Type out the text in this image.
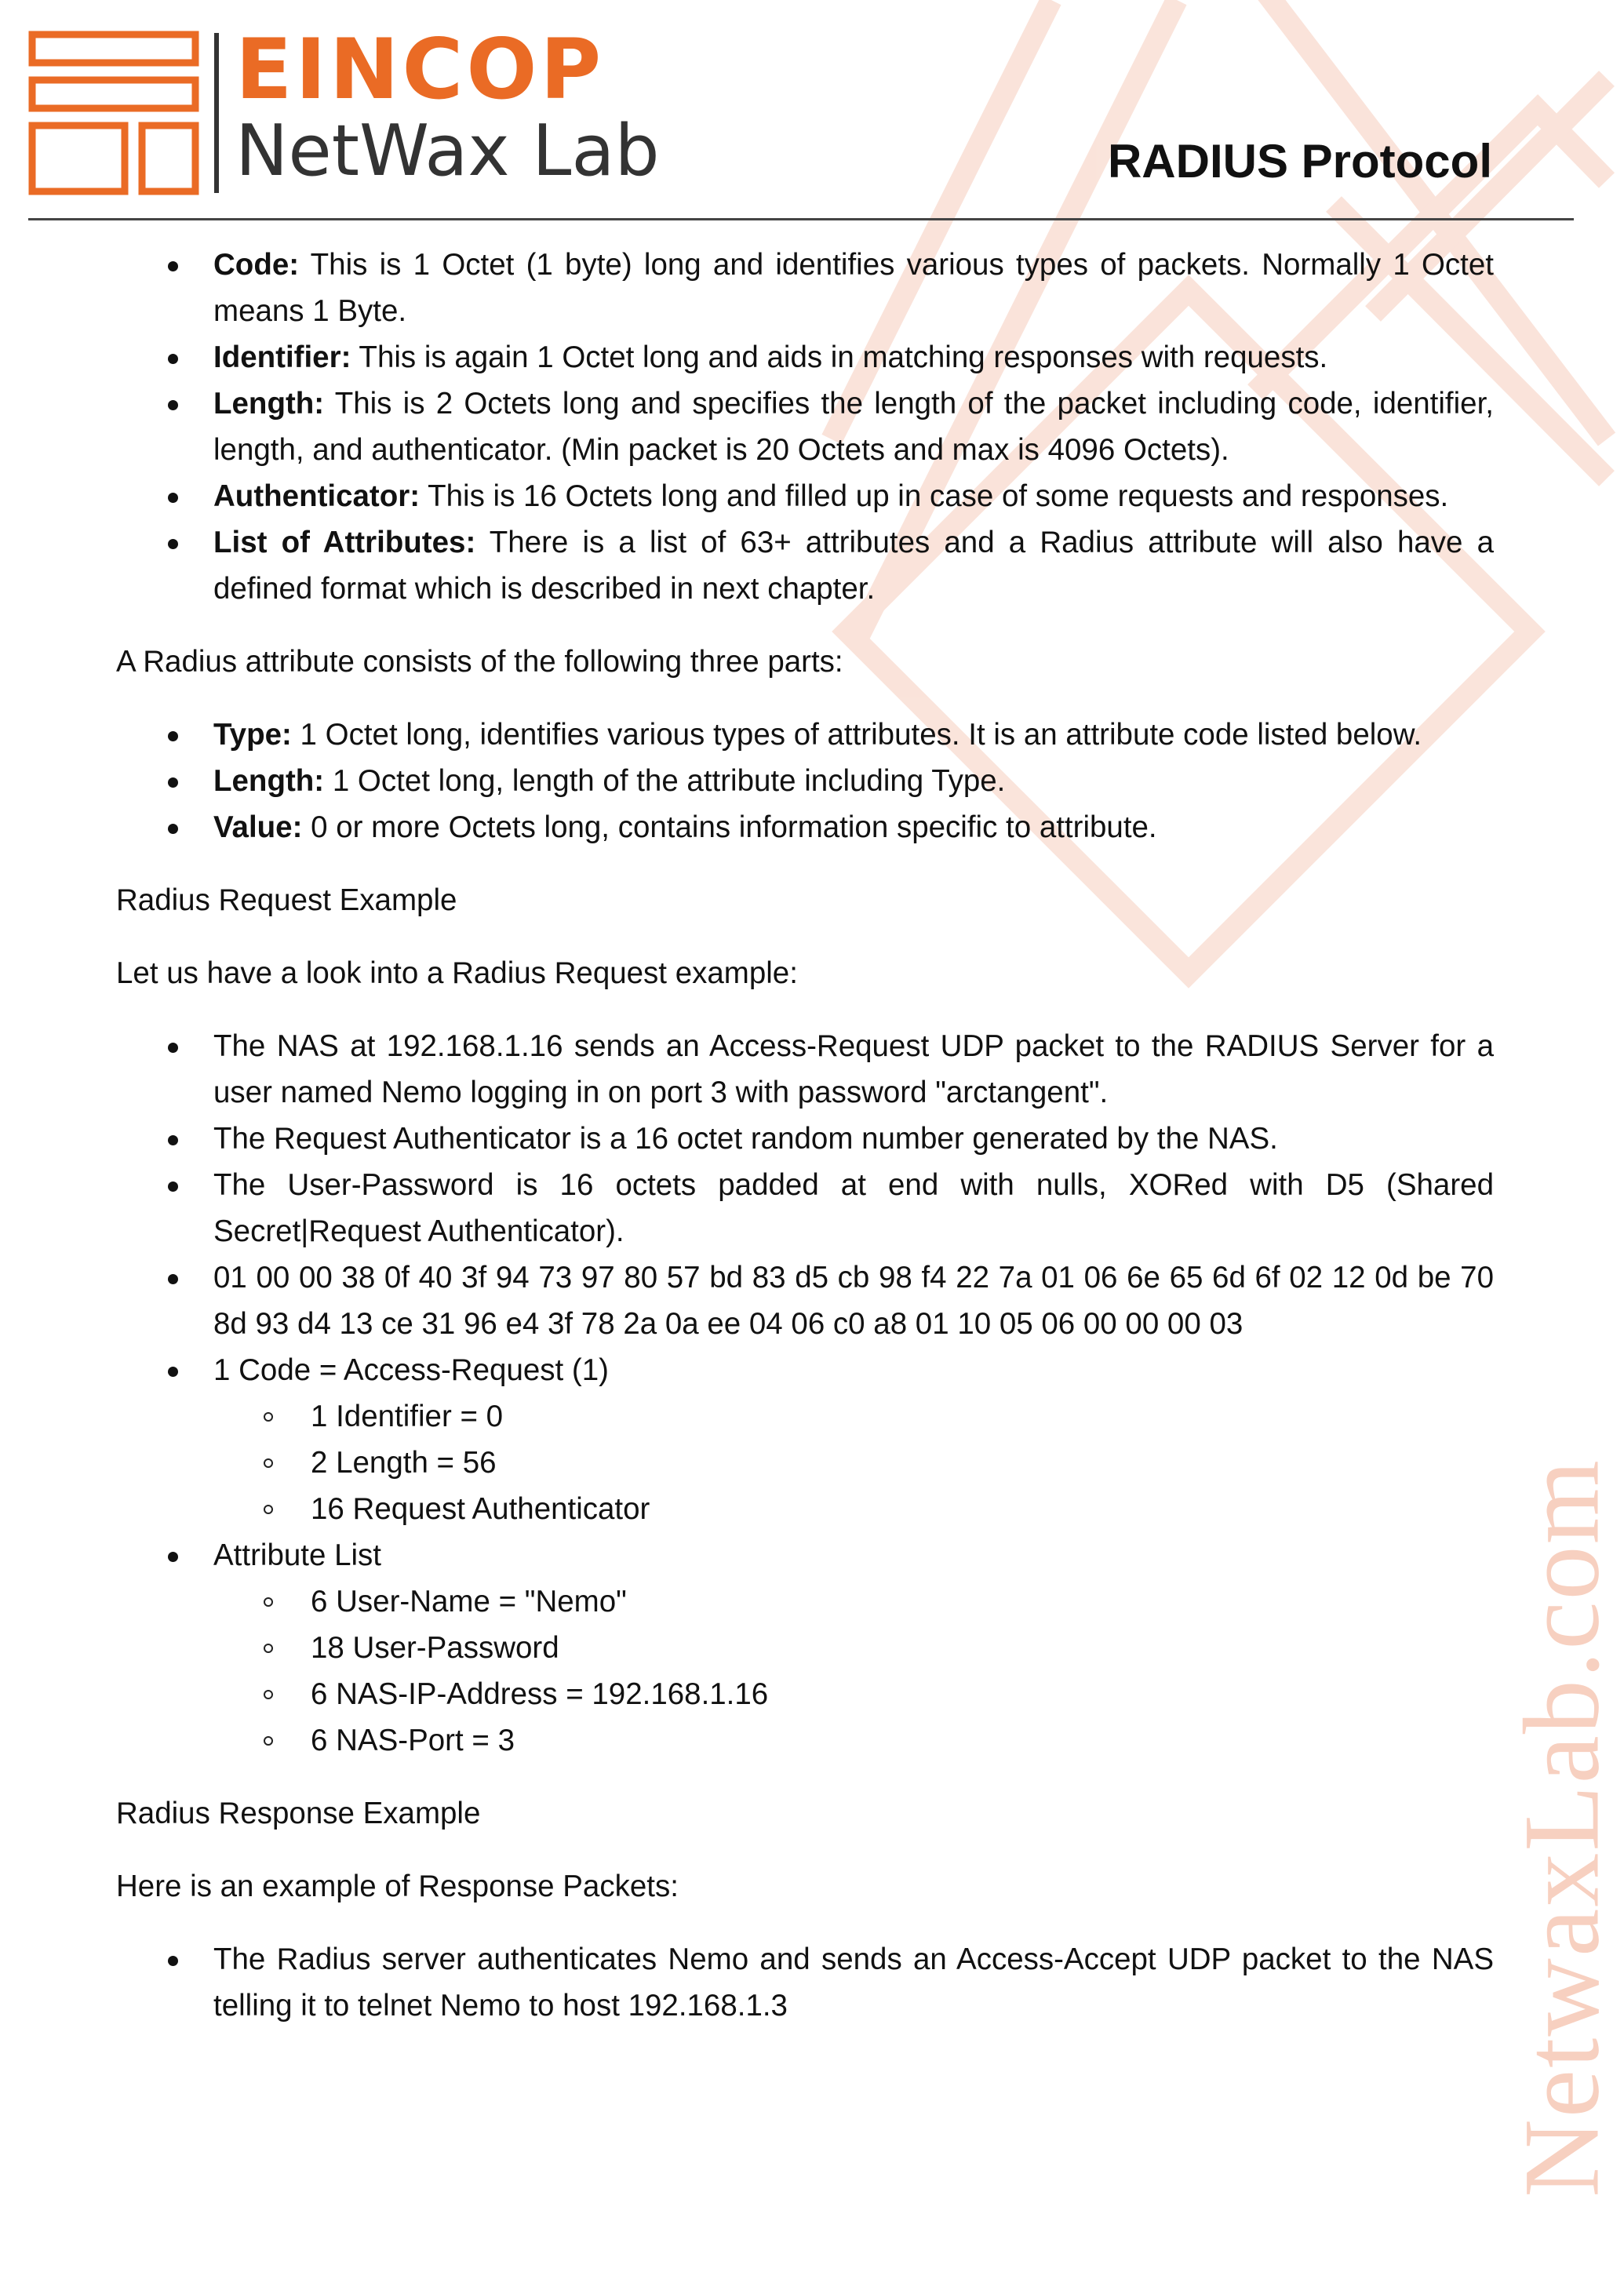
NetwaxLab.com
EINCOP
NetWax Lab	RADIUS Protocol
Code: This is 1 Octet (1 byte) long and identifies various types of packets. Normally 1 Octet means 1 Byte.
Identifier: This is again 1 Octet long and aids in matching responses with requests.
Length: This is 2 Octets long and specifies the length of the packet including code, identifier, length, and authenticator. (Min packet is 20 Octets and max is 4096 Octets).
Authenticator: This is 16 Octets long and filled up in case of some requests and responses.
List of Attributes: There is a list of 63+ attributes and a Radius attribute will also have a defined format which is described in next chapter.

A Radius attribute consists of the following three parts:

Type: 1 Octet long, identifies various types of attributes. It is an attribute code listed below.
Length: 1 Octet long, length of the attribute including Type.
Value: 0 or more Octets long, contains information specific to attribute.

Radius Request Example

Let us have a look into a Radius Request example:

The NAS at 192.168.1.16 sends an Access-Request UDP packet to the RADIUS Server for a user named Nemo logging in on port 3 with password "arctangent".
The Request Authenticator is a 16 octet random number generated by the NAS.
The User-Password is 16 octets padded at end with nulls, XORed with D5 (Shared Secret|Request Authenticator).
01 00 00 38 0f 40 3f 94 73 97 80 57 bd 83 d5 cb 98 f4 22 7a 01 06 6e 65 6d 6f 02 12 0d be 70 8d 93 d4 13 ce 31 96 e4 3f 78 2a 0a ee 04 06 c0 a8 01 10 05 06 00 00 00 03
1 Code = Access-Request (1)
1 Identifier = 0
2 Length = 56
16 Request Authenticator
Attribute List
6 User-Name = "Nemo"
18 User-Password
6 NAS-IP-Address = 192.168.1.16
6 NAS-Port = 3

Radius Response Example

Here is an example of Response Packets:

The Radius server authenticates Nemo and sends an Access-Accept UDP packet to the NAS telling it to telnet Nemo to host 192.168.1.3
